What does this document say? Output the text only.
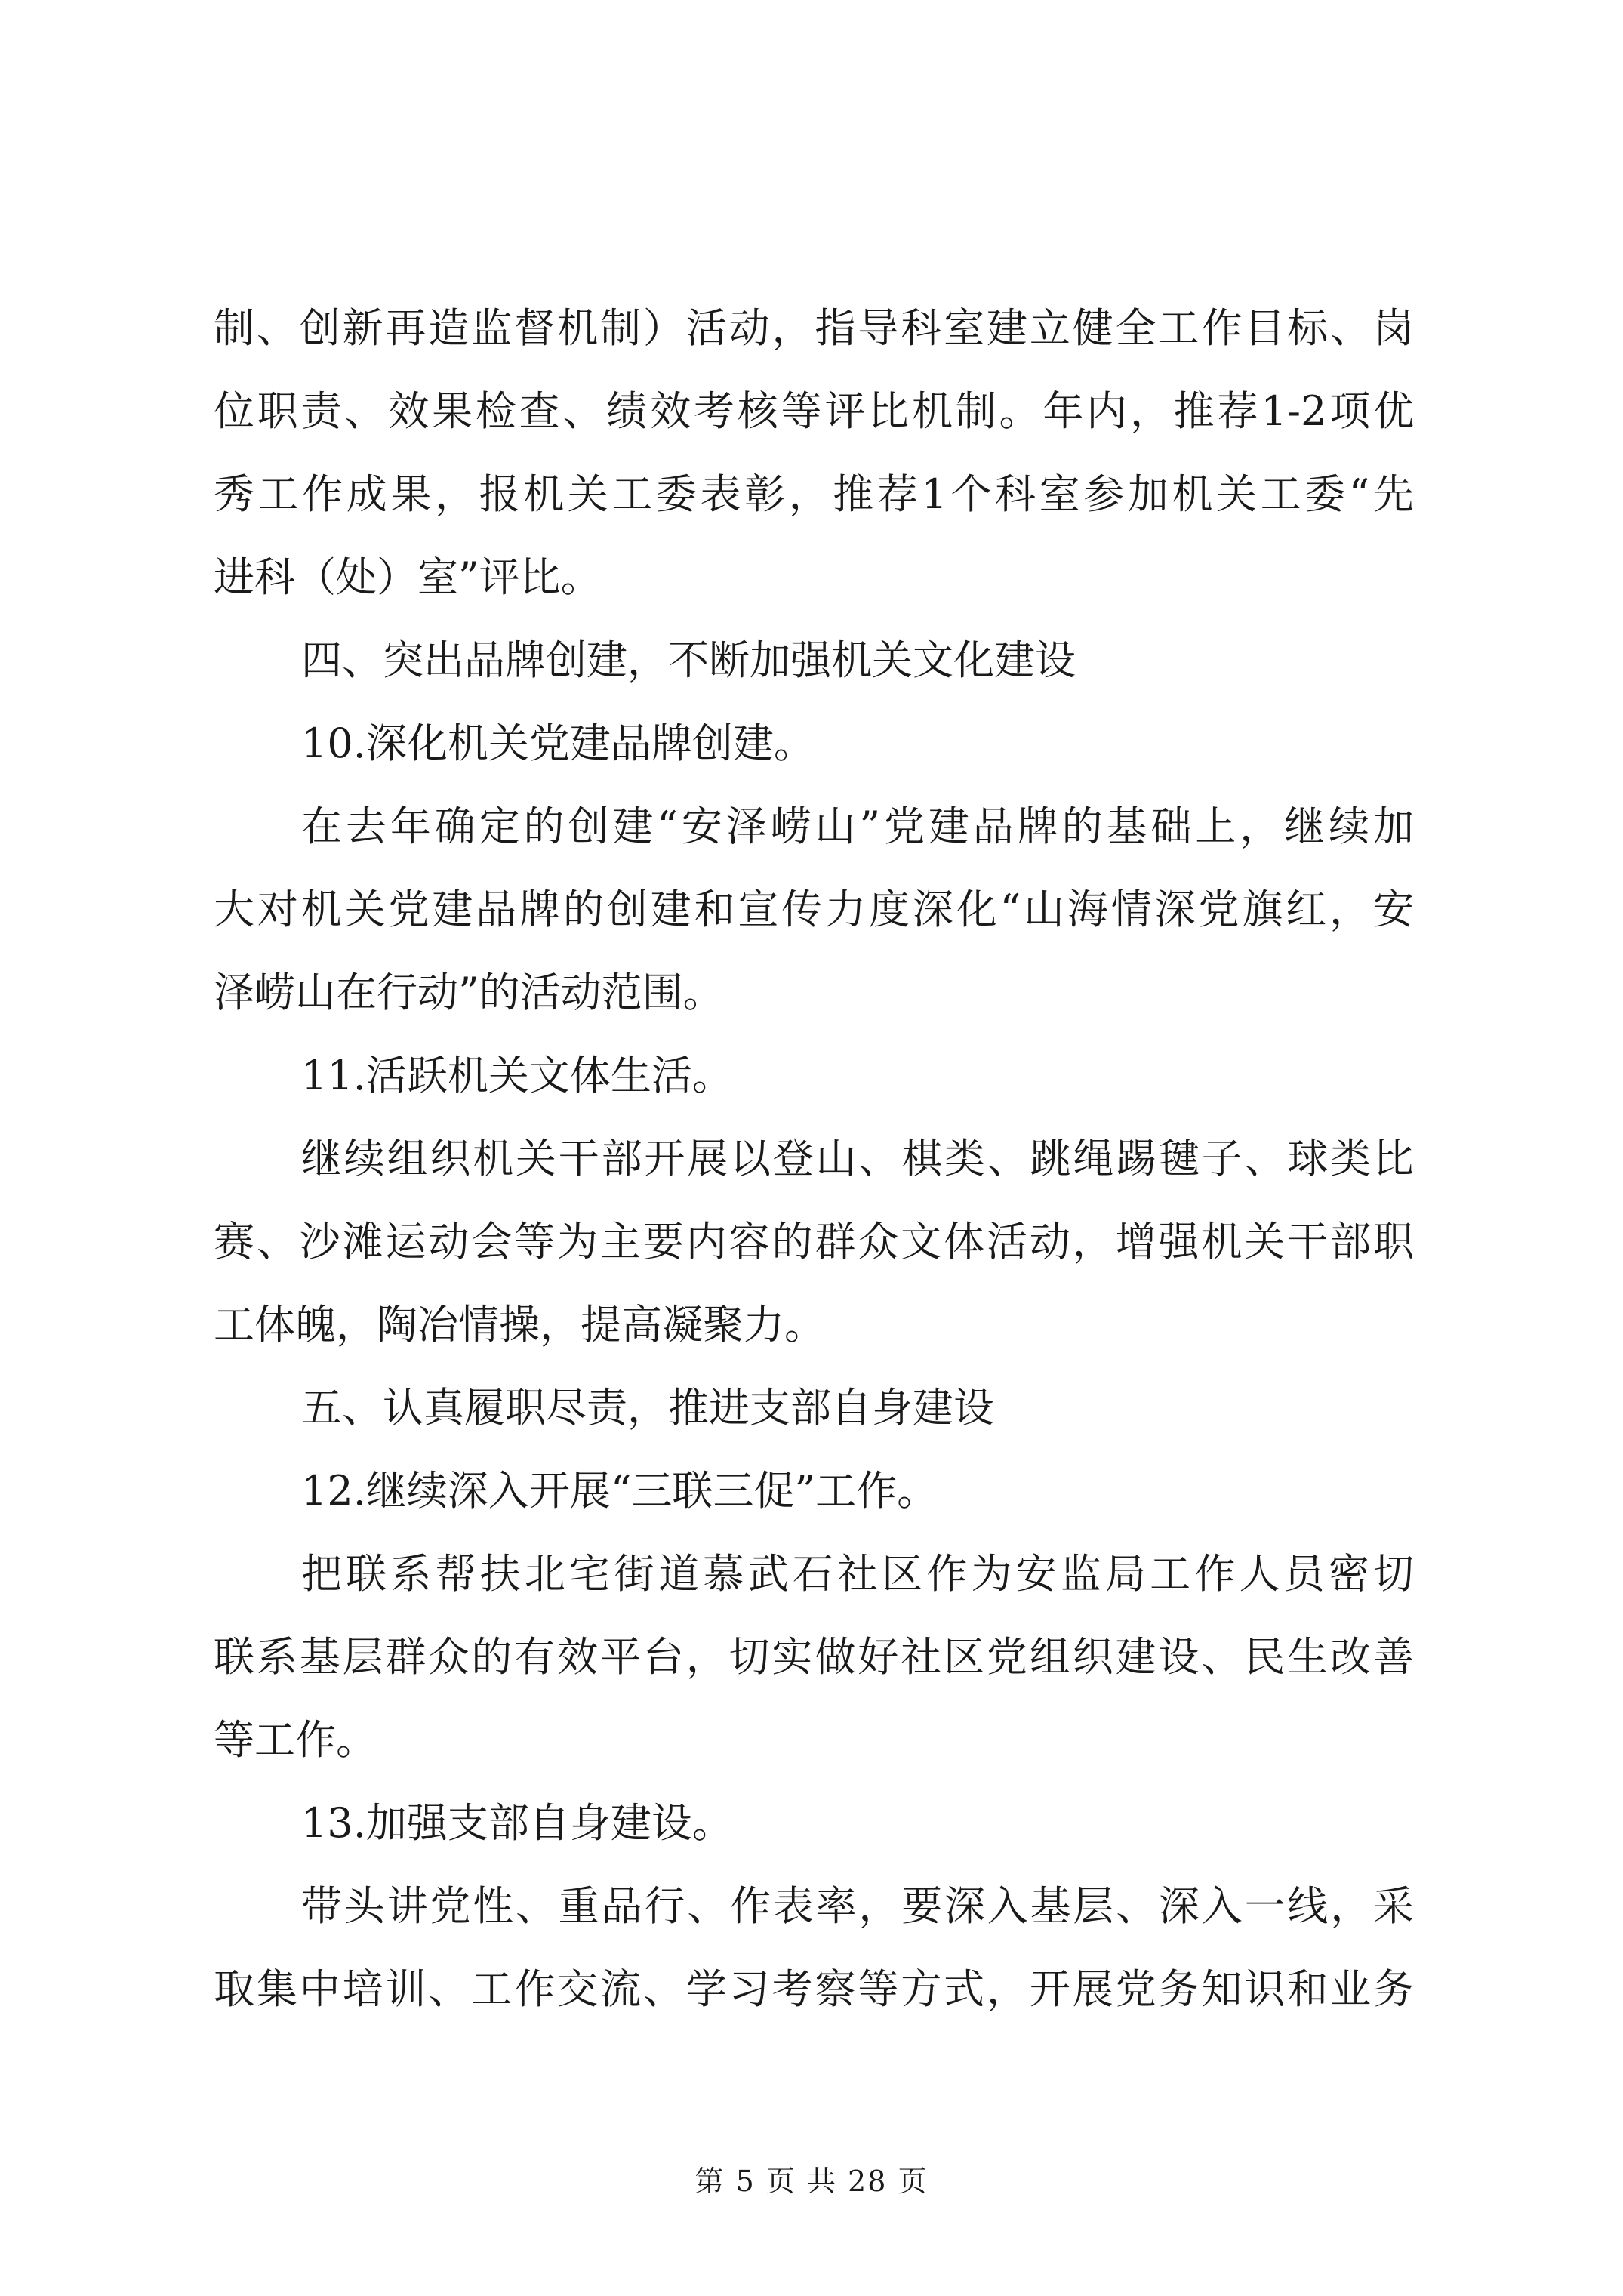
制、创新再造监督机制）活动，指导科室建立健全工作目标、岗
位职责、效果检查、绩效考核等评比机制。年内，推荐1-2项优
秀工作成果，报机关工委表彰，推荐1个科室参加机关工委“先
进科（处）室”评比。
四、突出品牌创建，不断加强机关文化建设
10.深化机关党建品牌创建。
在去年确定的创建“安泽崂山”党建品牌的基础上，继续加
大对机关党建品牌的创建和宣传力度深化“山海情深党旗红，安
泽崂山在行动”的活动范围。
11.活跃机关文体生活。
继续组织机关干部开展以登山、棋类、跳绳踢毽子、球类比
赛、沙滩运动会等为主要内容的群众文体活动，增强机关干部职
工体魄，陶冶情操，提高凝聚力。
五、认真履职尽责，推进支部自身建设
12.继续深入开展“三联三促”工作。
把联系帮扶北宅街道慕武石社区作为安监局工作人员密切
联系基层群众的有效平台，切实做好社区党组织建设、民生改善
等工作。
13.加强支部自身建设。
带头讲党性、重品行、作表率，要深入基层、深入一线，采
取集中培训、工作交流、学习考察等方式，开展党务知识和业务
第 5 页 共 28 页
